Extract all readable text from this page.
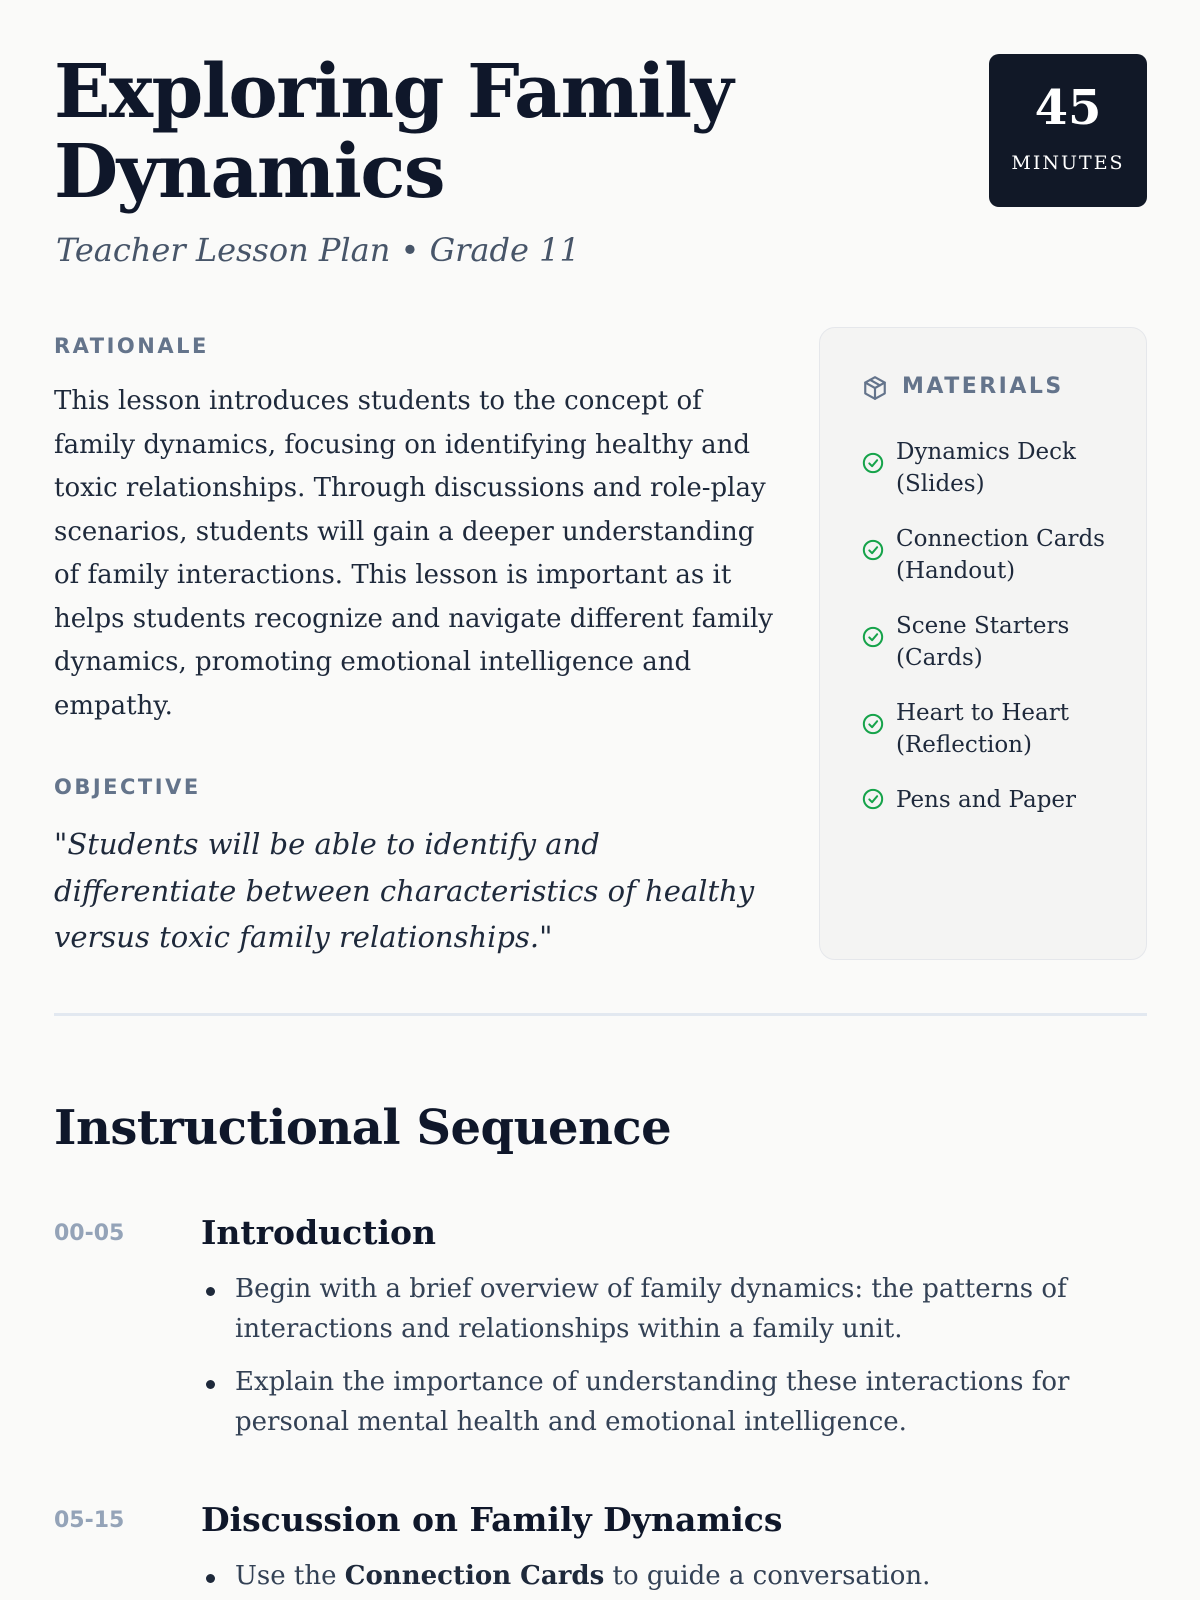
Exploring Family Dynamics
Teacher Lesson Plan • Grade 11
45
MINUTES
RATIONALE

This lesson introduces students to the concept of family dynamics, focusing on identifying healthy and toxic relationships. Through discussions and role-play scenarios, students will gain a deeper understanding of family interactions. This lesson is important as it helps students recognize and navigate different family dynamics, promoting emotional intelligence and empathy.

OBJECTIVE

"Students will be able to identify and differentiate between characteristics of healthy versus toxic family relationships."

MATERIALS
Dynamics Deck
(Slides)
Connection Cards
(Handout)
Scene Starters
(Cards)
Heart to Heart
(Reflection)
Pens and Paper
Instructional Sequence
00-05 Introduction
Begin with a brief overview of family dynamics: the patterns of interactions and relationships within a family unit.
Explain the importance of understanding these interactions for personal mental health and emotional intelligence.
05-15 Discussion on Family Dynamics
Use the Connection Cards to guide a conversation.
